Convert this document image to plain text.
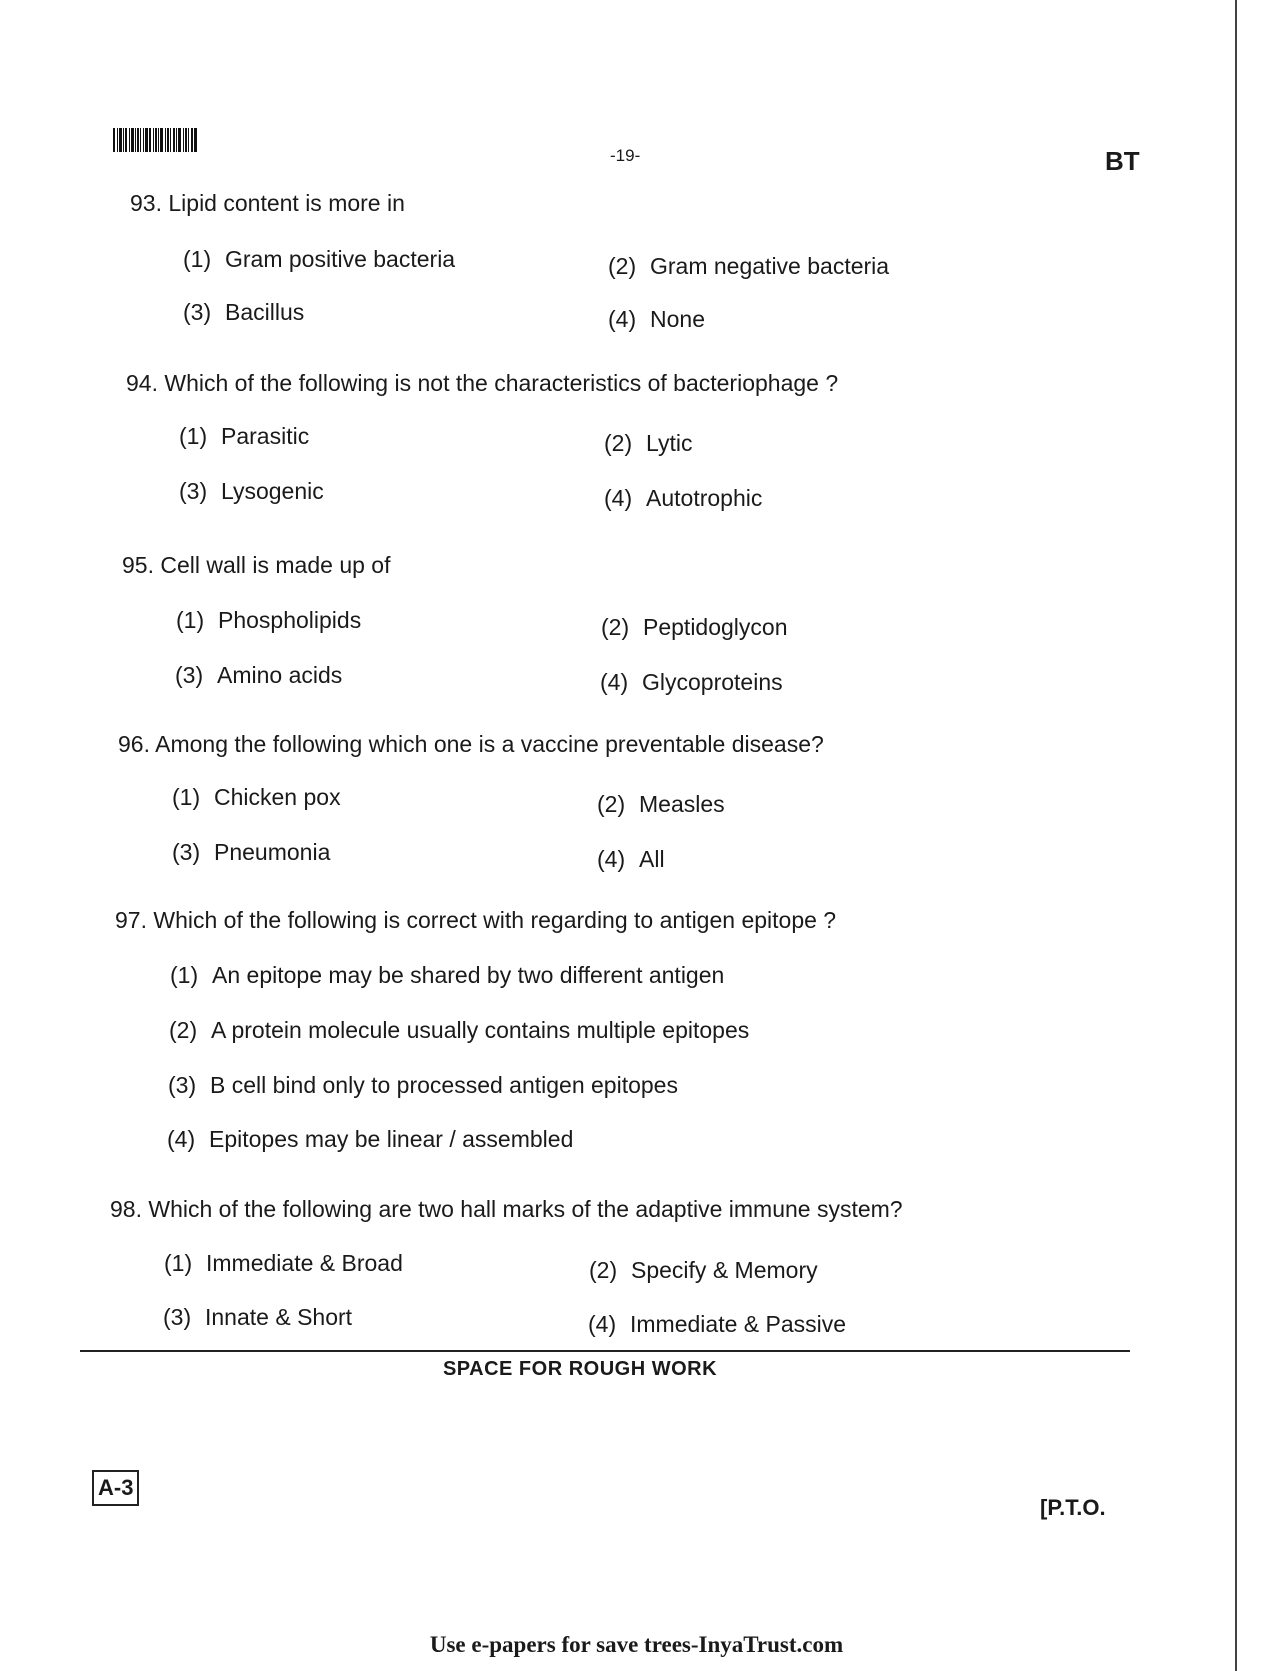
-19-	BT
93. Lipid content is more in
(1) Gram positive bacteria	(2) Gram negative bacteria
(3) Bacillus	(4) None
94. Which of the following is not the characteristics of bacteriophage ?
(1) Parasitic	(2) Lytic
(3) Lysogenic	(4) Autotrophic
95. Cell wall is made up of
(1) Phospholipids	(2) Peptidoglycon
(3) Amino acids	(4) Glycoproteins
96. Among the following which one is a vaccine preventable disease?
(1) Chicken pox	(2) Measles
(3) Pneumonia	(4) All
97. Which of the following is correct with regarding to antigen epitope ?
(1) An epitope may be shared by two different antigen
(2) A protein molecule usually contains multiple epitopes
(3) B cell bind only to processed antigen epitopes
(4) Epitopes may be linear / assembled
98. Which of the following are two hall marks of the adaptive immune system?
(1) Immediate & Broad	(2) Specify & Memory
(3) Innate & Short	(4) Immediate & Passive
SPACE FOR ROUGH WORK
A-3
[P.T.O.
Use e-papers for save trees-InyaTrust.com
